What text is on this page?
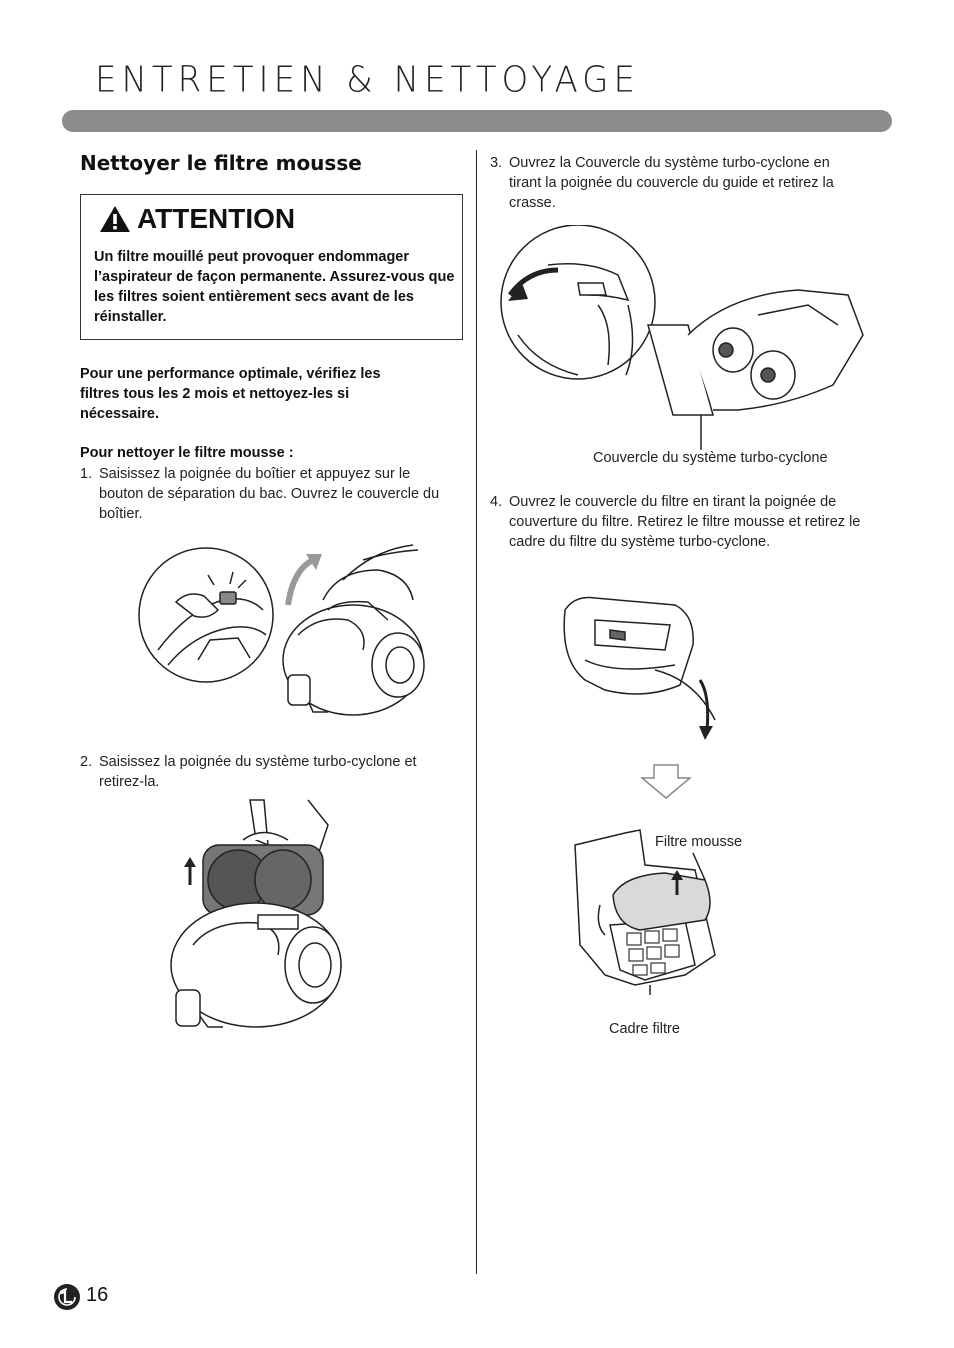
ENTRETIEN & NETTOYAGE
Nettoyer le filtre mousse
ATTENTION
Un filtre mouillé peut provoquer endommager l’aspirateur de façon permanente. Assurez-vous que les filtres soient entièrement secs avant de les réinstaller.
Pour une performance optimale, vérifiez les filtres tous les 2 mois et nettoyez-les si nécessaire.
Pour nettoyer le filtre mousse :
1. Saisissez la poignée du boîtier et appuyez sur le bouton de séparation du bac. Ouvrez le couvercle du boîtier.
2. Saisissez la poignée du système turbo-cyclone et retirez-la.
3. Ouvrez la Couvercle du système turbo-cyclone en tirant la poignée du couvercle du guide et retirez la crasse.
Couvercle du système turbo-cyclone
4. Ouvrez le couvercle du filtre en tirant la poignée de couverture du filtre. Retirez le filtre mousse et retirez le cadre du filtre du système turbo-cyclone.
Filtre mousse
Cadre filtre
16
